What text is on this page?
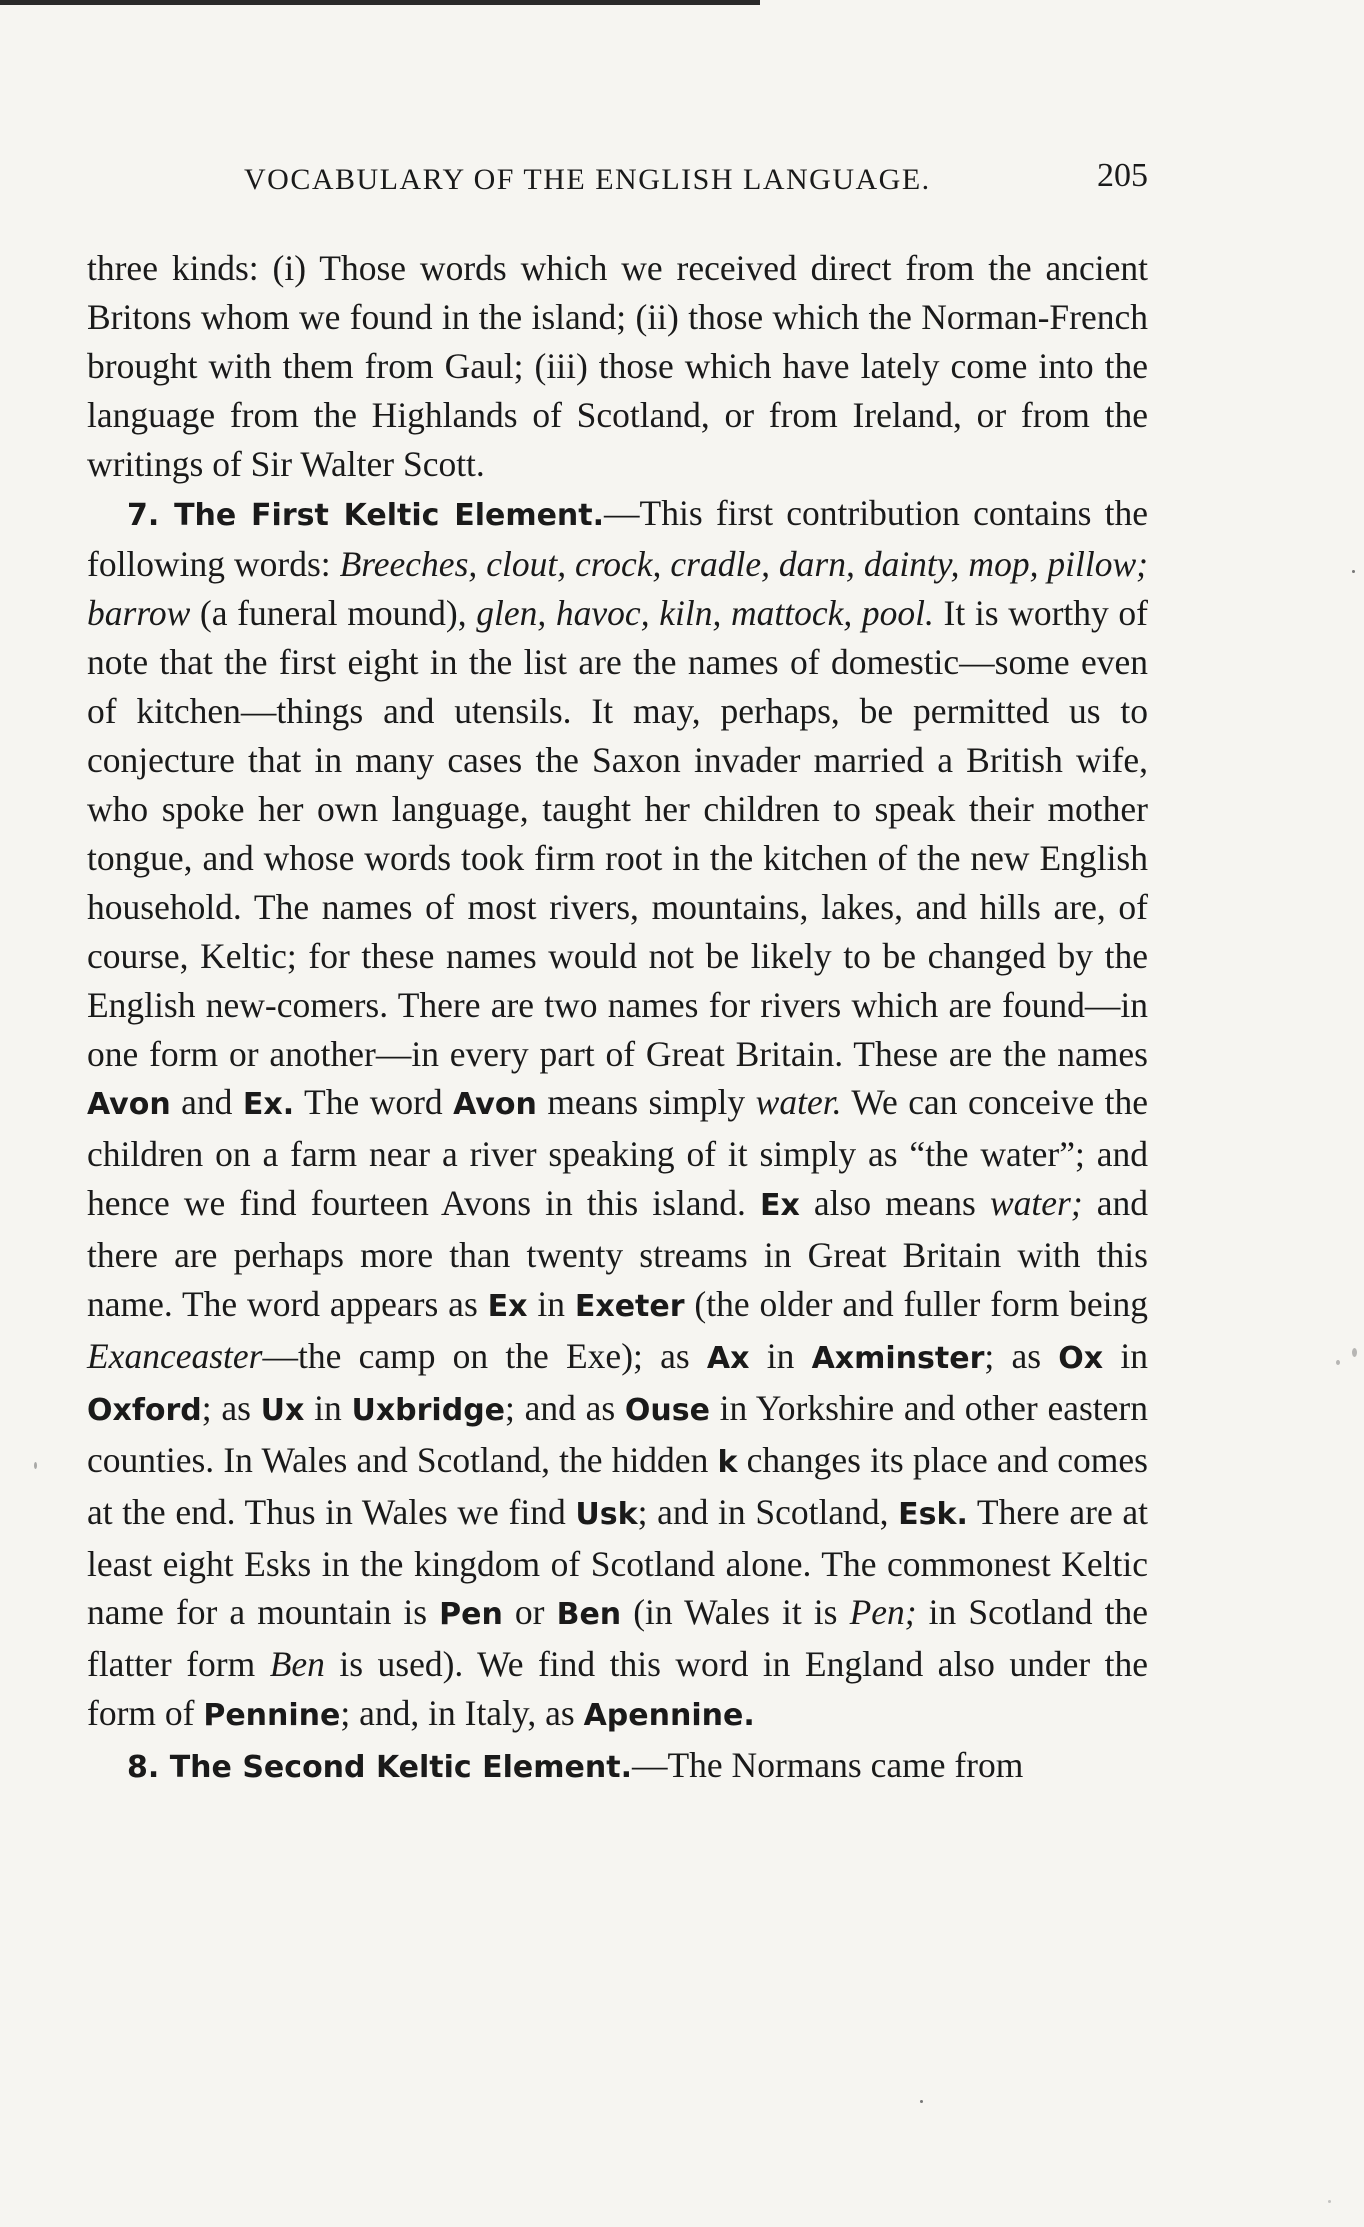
VOCABULARY OF THE ENGLISH LANGUAGE.	205

three kinds: (i) Those words which we received direct from the ancient Britons whom we found in the island; (ii) those which the Norman-French brought with them from Gaul; (iii) those which have lately come into the language from the Highlands of Scotland, or from Ireland, or from the writings of Sir Walter Scott.

7. The First Keltic Element.—This first contribution contains the following words: Breeches, clout, crock, cradle, darn, dainty, mop, pillow; barrow (a funeral mound), glen, havoc, kiln, mattock, pool. It is worthy of note that the first eight in the list are the names of domestic—some even of kitchen—things and utensils. It may, perhaps, be permitted us to conjecture that in many cases the Saxon invader married a British wife, who spoke her own language, taught her children to speak their mother tongue, and whose words took firm root in the kitchen of the new English household. The names of most rivers, mountains, lakes, and hills are, of course, Keltic; for these names would not be likely to be changed by the English new-comers. There are two names for rivers which are found—in one form or another—in every part of Great Britain. These are the names Avon and Ex. The word Avon means simply water. We can conceive the children on a farm near a river speaking of it simply as “the water”; and hence we find fourteen Avons in this island. Ex also means water; and there are perhaps more than twenty streams in Great Britain with this name. The word appears as Ex in Exeter (the older and fuller form being Exanceaster—the camp on the Exe); as Ax in Axminster; as Ox in Oxford; as Ux in Uxbridge; and as Ouse in Yorkshire and other eastern counties. In Wales and Scotland, the hidden k changes its place and comes at the end. Thus in Wales we find Usk; and in Scotland, Esk. There are at least eight Esks in the kingdom of Scotland alone. The commonest Keltic name for a mountain is Pen or Ben (in Wales it is Pen; in Scotland the flatter form Ben is used). We find this word in England also under the form of Pennine; and, in Italy, as Apennine.

8. The Second Keltic Element.—The Normans came from
